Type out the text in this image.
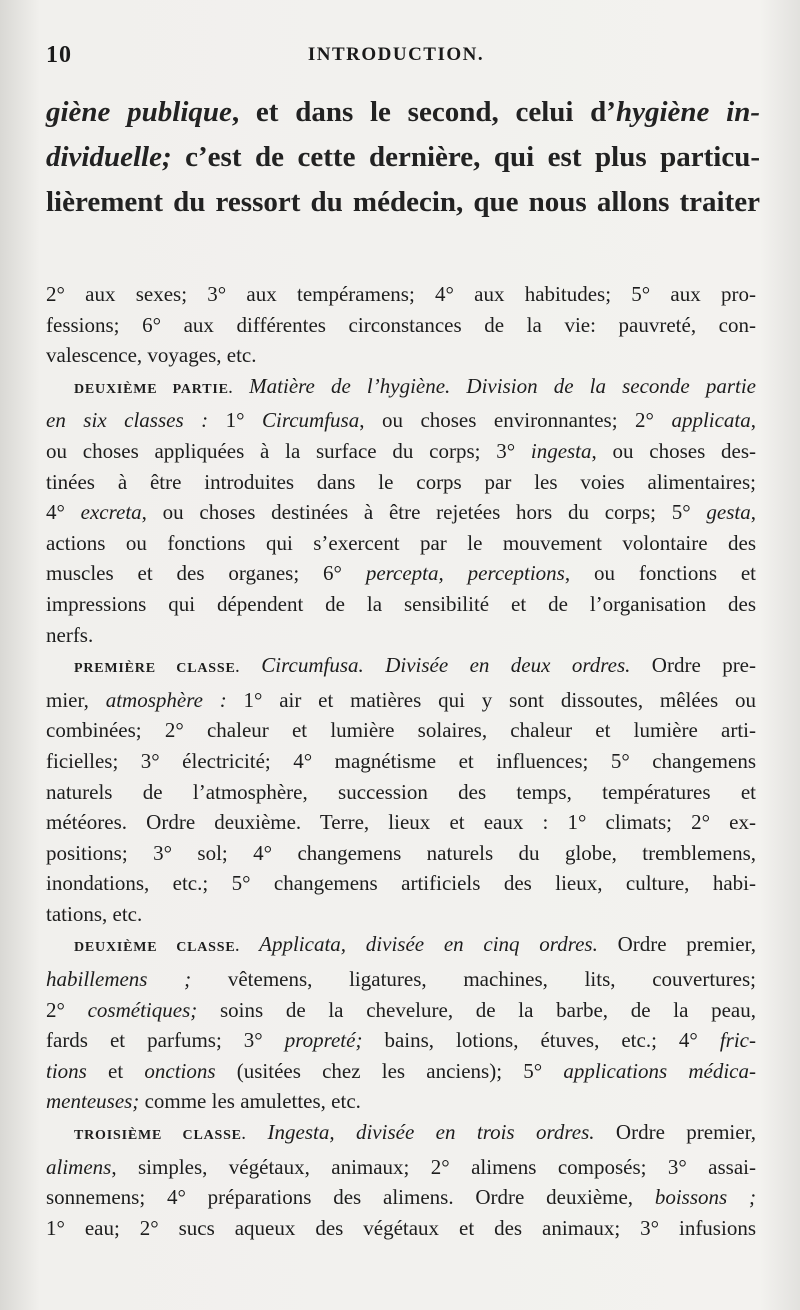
10	INTRODUCTION.
giène publique, et dans le second, celui d’hygiène in-
dividuelle; c’est de cette dernière, qui est plus particu-
lièrement du ressort du médecin, que nous allons traiter
2° aux sexes; 3° aux tempéramens; 4° aux habitudes; 5° aux pro-
fessions; 6° aux différentes circonstances de la vie: pauvreté, con-
valescence, voyages, etc.
DEUXIÈME PARTIE. Matière de l’hygiène. Division de la seconde partie
en six classes : 1° Circumfusa, ou choses environnantes; 2° applicata,
ou choses appliquées à la surface du corps; 3° ingesta, ou choses des-
tinées à être introduites dans le corps par les voies alimentaires;
4° excreta, ou choses destinées à être rejetées hors du corps; 5° gesta,
actions ou fonctions qui s’exercent par le mouvement volontaire des
muscles et des organes; 6° percepta, perceptions, ou fonctions et
impressions qui dépendent de la sensibilité et de l’organisation des
nerfs.
PREMIÈRE CLASSE. Circumfusa. Divisée en deux ordres. Ordre pre-
mier, atmosphère : 1° air et matières qui y sont dissoutes, mêlées ou
combinées; 2° chaleur et lumière solaires, chaleur et lumière arti-
ficielles; 3° électricité; 4° magnétisme et influences; 5° changemens
naturels de l’atmosphère, succession des temps, températures et
météores. Ordre deuxième. Terre, lieux et eaux : 1° climats; 2° ex-
positions; 3° sol; 4° changemens naturels du globe, tremblemens,
inondations, etc.; 5° changemens artificiels des lieux, culture, habi-
tations, etc.
DEUXIÈME CLASSE. Applicata, divisée en cinq ordres. Ordre premier,
habillemens ; vêtemens, ligatures, machines, lits, couvertures;
2° cosmétiques; soins de la chevelure, de la barbe, de la peau,
fards et parfums; 3° propreté; bains, lotions, étuves, etc.; 4° fric-
tions et onctions (usitées chez les anciens); 5° applications médica-
menteuses; comme les amulettes, etc.
TROISIÈME CLASSE. Ingesta, divisée en trois ordres. Ordre premier,
alimens, simples, végétaux, animaux; 2° alimens composés; 3° assai-
sonnemens; 4° préparations des alimens. Ordre deuxième, boissons ;
1° eau; 2° sucs aqueux des végétaux et des animaux; 3° infusions
